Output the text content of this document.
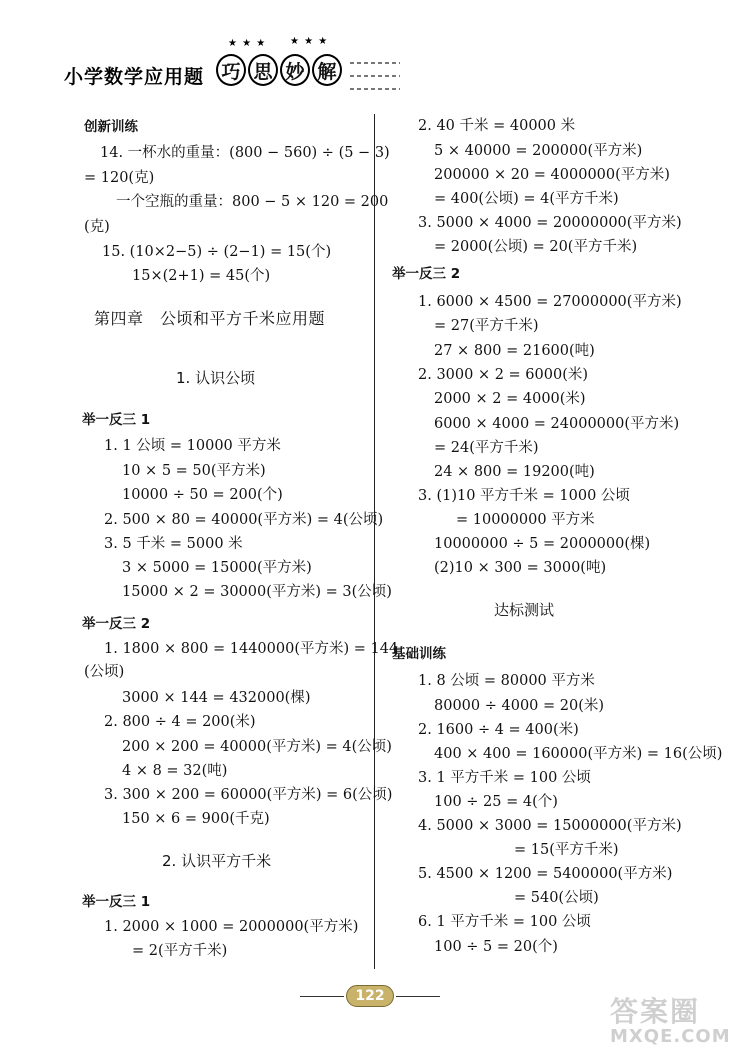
★ ★ ★ ★ ★ ★
小学数学应用题 巧 思 妙 解
创新训练
14. 一杯水的重量：(800 − 560) ÷ (5 − 3)
= 120(克)
一个空瓶的重量：800 − 5 × 120 = 200
(克)
15. (10×2−5) ÷ (2−1) = 15(个)
15×(2+1) = 45(个)
第四章　公顷和平方千米应用题
1. 认识公顷
举一反三 1
1. 1 公顷 = 10000 平方米
10 × 5 = 50(平方米)
10000 ÷ 50 = 200(个)
2. 500 × 80 = 40000(平方米) = 4(公顷)
3. 5 千米 = 5000 米
3 × 5000 = 15000(平方米)
15000 × 2 = 30000(平方米) = 3(公顷)
举一反三 2
1. 1800 × 800 = 1440000(平方米) = 144
(公顷)
3000 × 144 = 432000(棵)
2. 800 ÷ 4 = 200(米)
200 × 200 = 40000(平方米) = 4(公顷)
4 × 8 = 32(吨)
3. 300 × 200 = 60000(平方米) = 6(公顷)
150 × 6 = 900(千克)
2. 认识平方千米
举一反三 1
1. 2000 × 1000 = 2000000(平方米)
= 2(平方千米)
2. 40 千米 = 40000 米
5 × 40000 = 200000(平方米)
200000 × 20 = 4000000(平方米)
= 400(公顷) = 4(平方千米)
3. 5000 × 4000 = 20000000(平方米)
= 2000(公顷) = 20(平方千米)
举一反三 2
1. 6000 × 4500 = 27000000(平方米)
= 27(平方千米)
27 × 800 = 21600(吨)
2. 3000 × 2 = 6000(米)
2000 × 2 = 4000(米)
6000 × 4000 = 24000000(平方米)
= 24(平方千米)
24 × 800 = 19200(吨)
3. (1)10 平方千米 = 1000 公顷
= 10000000 平方米
10000000 ÷ 5 = 2000000(棵)
(2)10 × 300 = 3000(吨)
达标测试
基础训练
1. 8 公顷 = 80000 平方米
80000 ÷ 4000 = 20(米)
2. 1600 ÷ 4 = 400(米)
400 × 400 = 160000(平方米) = 16(公顷)
3. 1 平方千米 = 100 公顷
100 ÷ 25 = 4(个)
4. 5000 × 3000 = 15000000(平方米)
= 15(平方千米)
5. 4500 × 1200 = 5400000(平方米)
= 540(公顷)
6. 1 平方千米 = 100 公顷
100 ÷ 5 = 20(个)
122	答案圈
MXQE.COM
